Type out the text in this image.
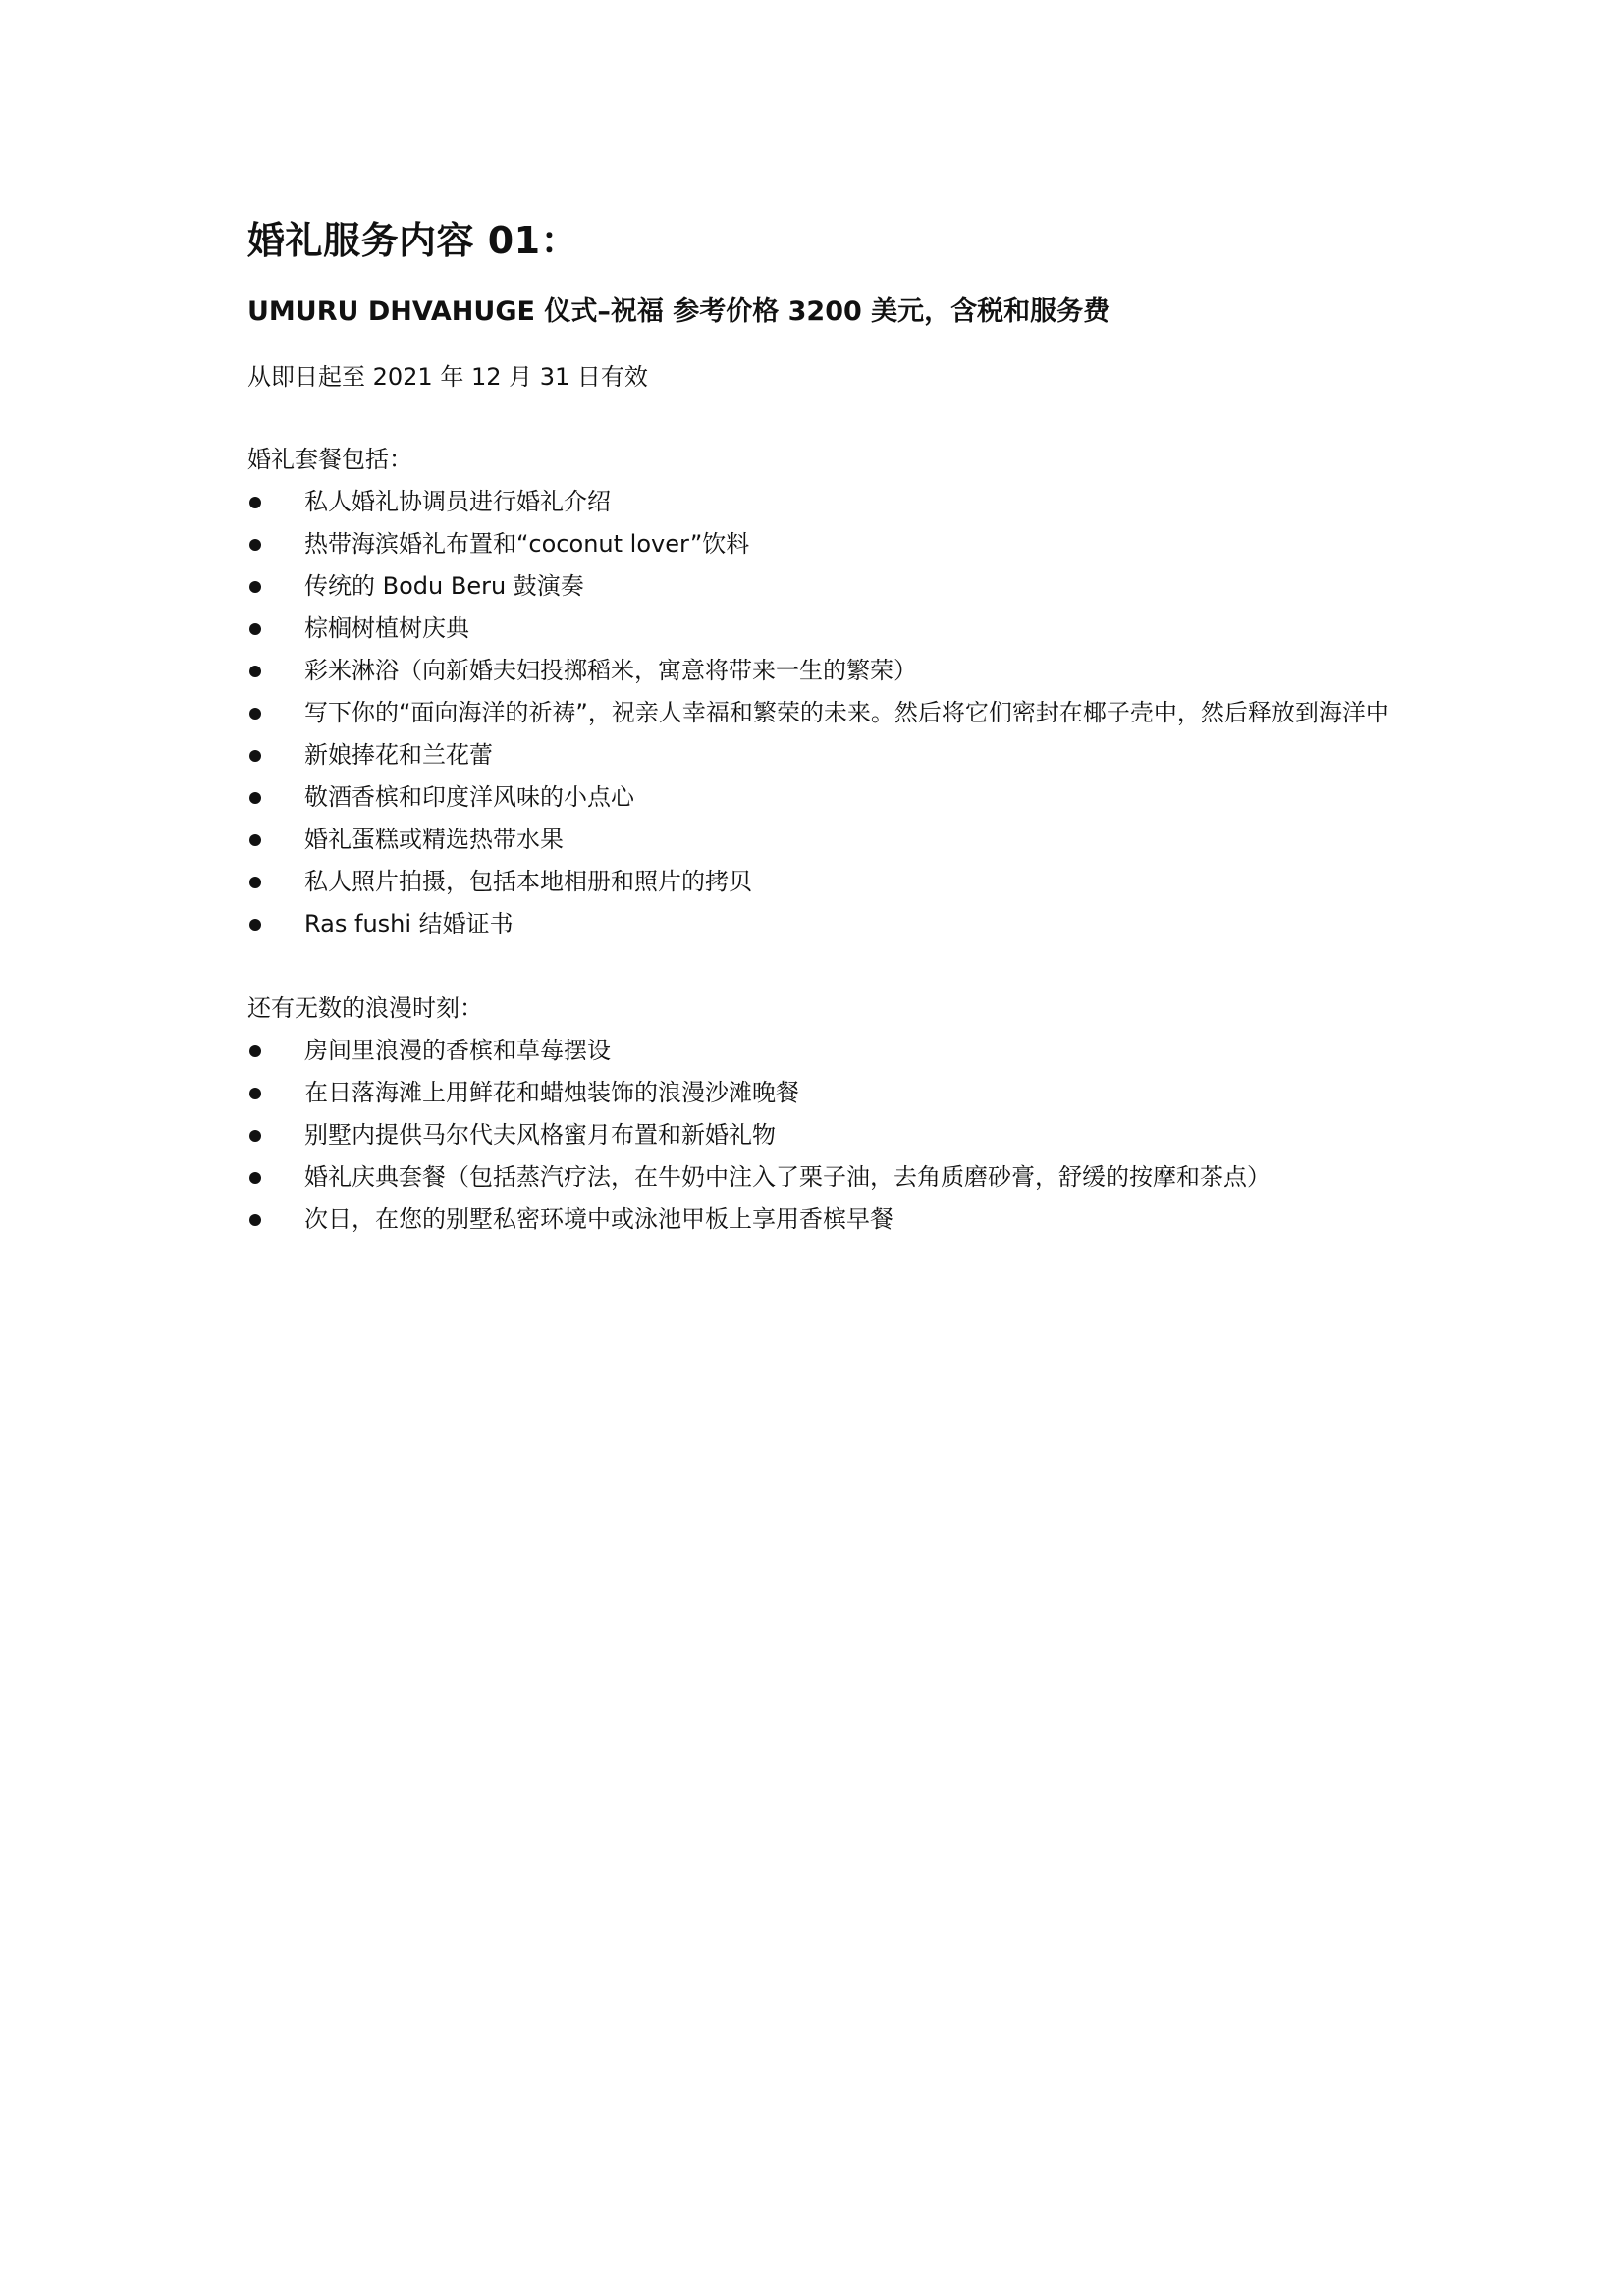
婚礼服务内容 01：
UMURU DHVAHUGE 仪式–祝福 参考价格 3200 美元，含税和服务费

从即日起至 2021 年 12 月 31 日有效

婚礼套餐包括：

私人婚礼协调员进行婚礼介绍
热带海滨婚礼布置和“coconut lover”饮料
传统的 Bodu Beru 鼓演奏
棕榈树植树庆典
彩米淋浴（向新婚夫妇投掷稻米，寓意将带来一生的繁荣）
写下你的“面向海洋的祈祷”，祝亲人幸福和繁荣的未来。然后将它们密封在椰子壳中，然后释放到海洋中
新娘捧花和兰花蕾
敬酒香槟和印度洋风味的小点心
婚礼蛋糕或精选热带水果
私人照片拍摄，包括本地相册和照片的拷贝
Ras fushi 结婚证书

还有无数的浪漫时刻：

房间里浪漫的香槟和草莓摆设
在日落海滩上用鲜花和蜡烛装饰的浪漫沙滩晚餐
别墅内提供马尔代夫风格蜜月布置和新婚礼物
婚礼庆典套餐（包括蒸汽疗法，在牛奶中注入了栗子油，去角质磨砂膏，舒缓的按摩和茶点）
次日，在您的别墅私密环境中或泳池甲板上享用香槟早餐
